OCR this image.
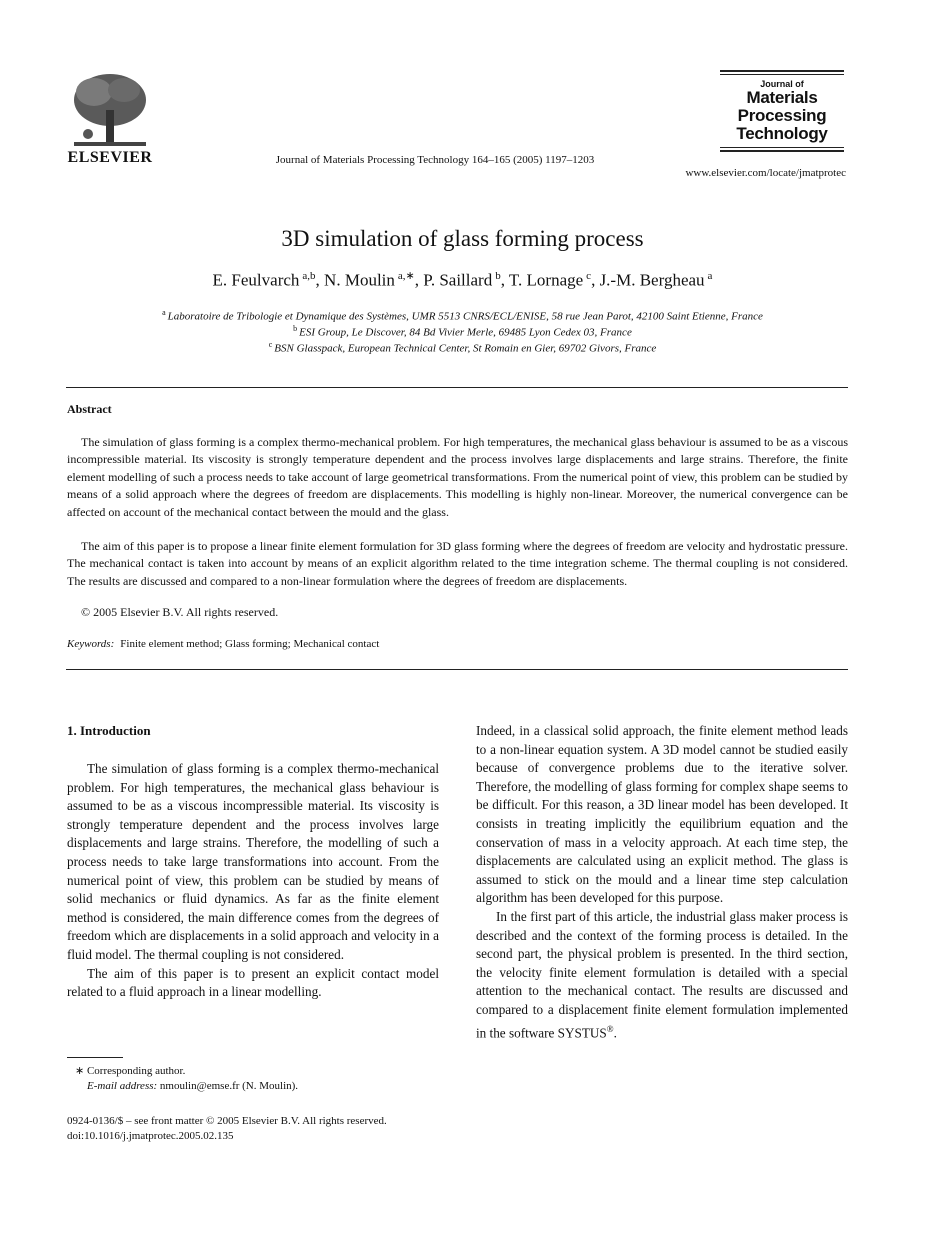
ELSEVIER	Journal of Materials Processing Technology 164–165 (2005) 1197–1203
Journal of
Materials
Processing
Technology
www.elsevier.com/locate/jmatprotec
3D simulation of glass forming process
E. Feulvarch $^{a,b}$, N. Moulin $^{a,∗}$, P. Saillard $^b$, T. Lornage $^c$, J.-M. Bergheau $^a$
$^a$ Laboratoire de Tribologie et Dynamique des Systèmes, UMR 5513 CNRS/ECL/ENISE, 58 rue Jean Parot, 42100 Saint Etienne, France
$^b$ ESI Group, Le Discover, 84 Bd Vivier Merle, 69485 Lyon Cedex 03, France
$^c$ BSN Glasspack, European Technical Center, St Romain en Gier, 69702 Givors, France
Abstract
The simulation of glass forming is a complex thermo-mechanical problem. For high temperatures, the mechanical glass behaviour is assumed to be as a viscous incompressible material. Its viscosity is strongly temperature dependent and the process involves large displacements and large strains. Therefore, the finite element modelling of such a process needs to take account of large geometrical transformations. From the numerical point of view, this problem can be studied by means of a solid approach where the degrees of freedom are displacements. This modelling is highly non-linear. Moreover, the numerical convergence can be affected on account of the mechanical contact between the mould and the glass.
The aim of this paper is to propose a linear finite element formulation for 3D glass forming where the degrees of freedom are velocity and hydrostatic pressure. The mechanical contact is taken into account by means of an explicit algorithm related to the time integration scheme. The thermal coupling is not considered. The results are discussed and compared to a non-linear formulation where the degrees of freedom are displacements.
© 2005 Elsevier B.V. All rights reserved.
Keywords: Finite element method; Glass forming; Mechanical contact
1. Introduction

The simulation of glass forming is a complex thermo-mechanical problem. For high temperatures, the mechanical glass behaviour is assumed to be as a viscous incompressible material. Its viscosity is strongly temperature dependent and the process involves large displacements and large strains. Therefore, the modelling of such a process needs to take large transformations into account. From the numerical point of view, this problem can be studied by means of solid mechanics or fluid dynamics. As far as the finite element method is considered, the main difference comes from the degrees of freedom which are displacements in a solid approach and velocity in a fluid model. The thermal coupling is not considered.

The aim of this paper is to present an explicit contact model related to a fluid approach in a linear modelling.

Indeed, in a classical solid approach, the finite element method leads to a non-linear equation system. A 3D model cannot be studied easily because of convergence problems due to the iterative solver. Therefore, the modelling of glass forming for complex shape seems to be difficult. For this reason, a 3D linear model has been developed. It consists in treating implicitly the equilibrium equation and the conservation of mass in a velocity approach. At each time step, the displacements are calculated using an explicit method. The glass is assumed to stick on the mould and a linear time step calculation algorithm has been developed for this purpose.

In the first part of this article, the industrial glass maker process is described and the context of the forming process is detailed. In the second part, the physical problem is presented. In the third section, the velocity finite element formulation is detailed with a special attention to the mechanical contact. The results are discussed and compared to a displacement finite element formulation implemented in the software SYSTUS®.

∗ Corresponding author.
E-mail address: nmoulin@emse.fr (N. Moulin).
0924-0136/$ – see front matter © 2005 Elsevier B.V. All rights reserved.
doi:10.1016/j.jmatprotec.2005.02.135
